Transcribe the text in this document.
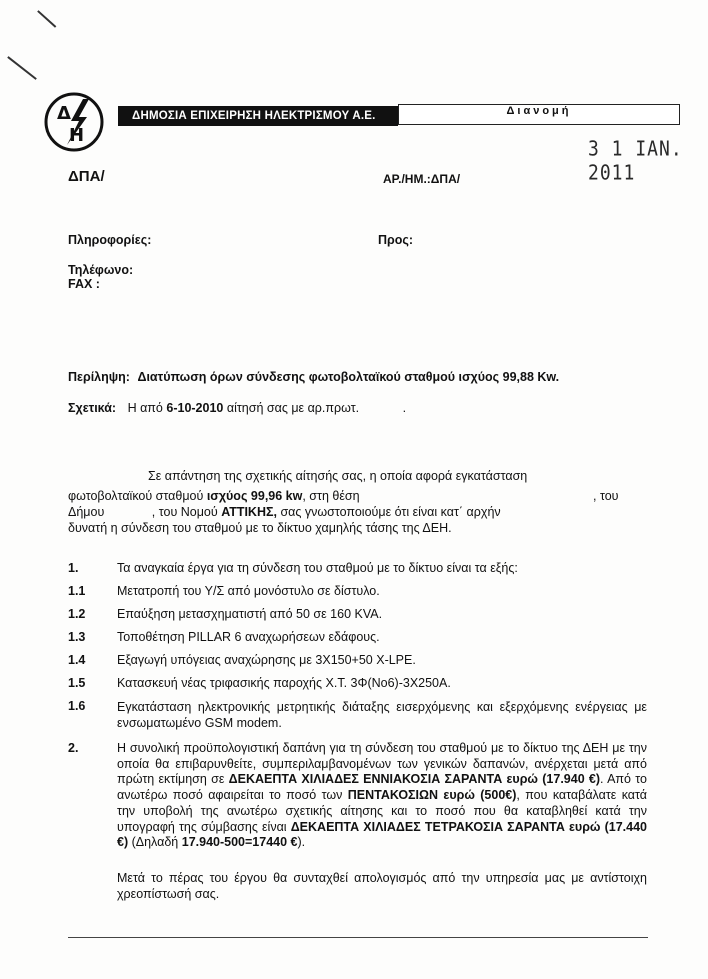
Δ
Η
ΔΗΜΟΣΙΑ ΕΠΙΧΕΙΡΗΣΗ ΗΛΕΚΤΡΙΣΜΟΥ Α.Ε.	Διανομή
3 1 ΙΑΝ. 2011
ΔΠΑ/	ΑΡ./ΗΜ.:ΔΠΑ/
Πληροφορίες:	Προς:
Τηλέφωνο:
FAX :
Περίληψη: Διατύπωση όρων σύνδεσης φωτοβολταϊκού σταθμού ισχύος 99,88 Kw.
Σχετικά: Η από 6-10-2010 αίτησή σας με αρ.πρωτ.	.
Σε απάντηση της σχετικής αίτησής σας, η οποία αφορά εγκατάσταση
φωτοβολταϊκού σταθμού ισχύος 99,96 kw, στη θέση	, του
Δήμου	, του Νομού ΑΤΤΙΚΗΣ, σας γνωστοποιούμε ότι είναι κατ΄ αρχήν
δυνατή η σύνδεση του σταθμού με το δίκτυο χαμηλής τάσης της ΔΕΗ.
1.	Τα αναγκαία έργα για τη σύνδεση του σταθμού με το δίκτυο είναι τα εξής:
1.1	Μετατροπή του Υ/Σ από μονόστυλο σε δίστυλο.
1.2	Επαύξηση μετασχηματιστή από 50 σε 160 KVA.
1.3	Τοποθέτηση PILLAR 6 αναχωρήσεων εδάφους.
1.4	Εξαγωγή υπόγειας αναχώρησης με 3Χ150+50 X-LPE.
1.5	Κατασκευή νέας τριφασικής παροχής Χ.Τ. 3Φ(Νο6)-3Χ250Α.
1.6	Εγκατάσταση ηλεκτρονικής μετρητικής διάταξης εισερχόμενης και εξερχόμενης ενέργειας με ενσωματωμένο GSM modem.
2.	Η συνολική προϋπολογιστική δαπάνη για τη σύνδεση του σταθμού με το δίκτυο της ΔΕΗ με την οποία θα επιβαρυνθείτε, συμπεριλαμβανομένων των γενικών δαπανών, ανέρχεται μετά από πρώτη εκτίμηση σε ΔΕΚΑΕΠΤΑ ΧΙΛΙΑΔΕΣ ΕΝΝΙΑΚΟΣΙΑ ΣΑΡΑΝΤΑ ευρώ (17.940 €). Από το ανωτέρω ποσό αφαιρείται το ποσό των ΠΕΝΤΑΚΟΣΙΩΝ ευρώ (500€), που καταβάλατε κατά την υποβολή της ανωτέρω σχετικής αίτησης και το ποσό που θα καταβληθεί κατά την υπογραφή της σύμβασης είναι ΔΕΚΑΕΠΤΑ ΧΙΛΙΑΔΕΣ ΤΕΤΡΑΚΟΣΙΑ ΣΑΡΑΝΤΑ ευρώ (17.440 €) (Δηλαδή 17.940-500=17440 €).
Μετά το πέρας του έργου θα συνταχθεί απολογισμός από την υπηρεσία μας με αντίστοιχη χρεοπίστωσή σας.
